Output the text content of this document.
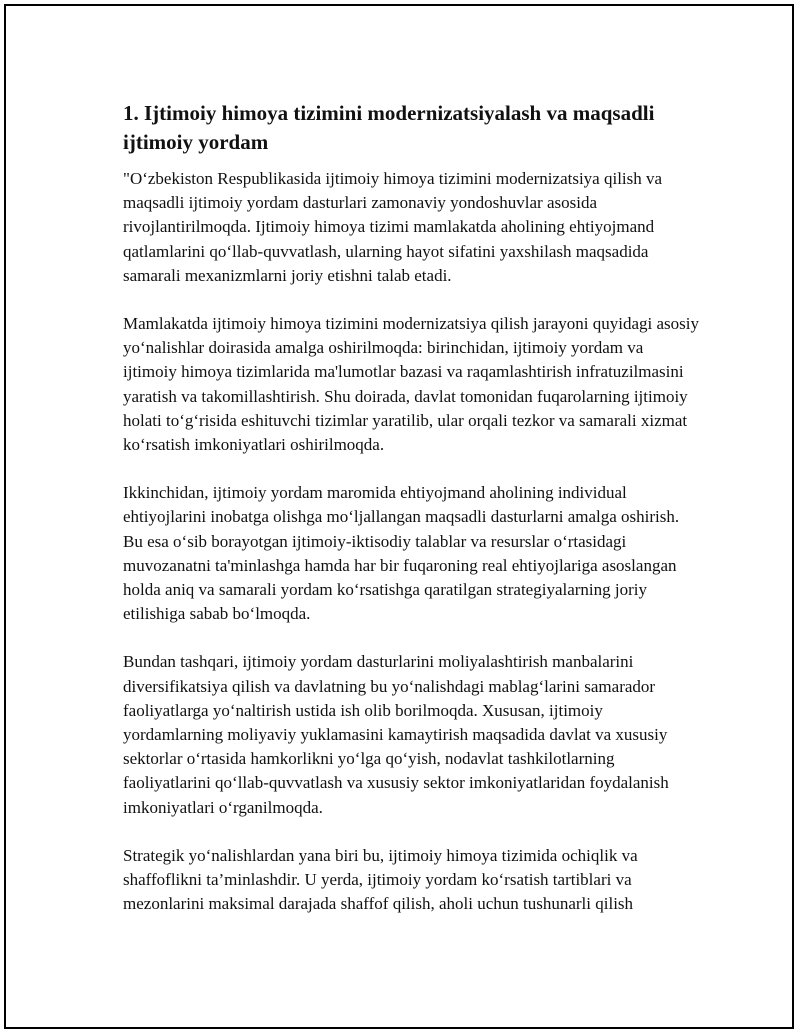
1. Ijtimoiy himoya tizimini modernizatsiyalash va maqsadli ijtimoiy yordam

"O‘zbekiston Respublikasida ijtimoiy himoya tizimini modernizatsiya qilish va maqsadli ijtimoiy yordam dasturlari zamonaviy yondoshuvlar asosida rivojlantirilmoqda. Ijtimoiy himoya tizimi mamlakatda aholining ehtiyojmand qatlamlarini qo‘llab-quvvatlash, ularning hayot sifatini yaxshilash maqsadida samarali mexanizmlarni joriy etishni talab etadi.

Mamlakatda ijtimoiy himoya tizimini modernizatsiya qilish jarayoni quyidagi asosiy yo‘nalishlar doirasida amalga oshirilmoqda: birinchidan, ijtimoiy yordam va ijtimoiy himoya tizimlarida ma'lumotlar bazasi va raqamlashtirish infratuzilmasini yaratish va takomillashtirish. Shu doirada, davlat tomonidan fuqarolarning ijtimoiy holati to‘g‘risida eshituvchi tizimlar yaratilib, ular orqali tezkor va samarali xizmat ko‘rsatish imkoniyatlari oshirilmoqda.

Ikkinchidan, ijtimoiy yordam maromida ehtiyojmand aholining individual ehtiyojlarini inobatga olishga mo‘ljallangan maqsadli dasturlarni amalga oshirish. Bu esa o‘sib borayotgan ijtimoiy-iktisodiy talablar va resurslar o‘rtasidagi muvozanatni ta'minlashga hamda har bir fuqaroning real ehtiyojlariga asoslangan holda aniq va samarali yordam ko‘rsatishga qaratilgan strategiyalarning joriy etilishiga sabab bo‘lmoqda.

Bundan tashqari, ijtimoiy yordam dasturlarini moliyalashtirish manbalarini diversifikatsiya qilish va davlatning bu yo‘nalishdagi mablag‘larini samarador faoliyatlarga yo‘naltirish ustida ish olib borilmoqda. Xususan, ijtimoiy yordamlarning moliyaviy yuklamasini kamaytirish maqsadida davlat va xususiy sektorlar o‘rtasida hamkorlikni yo‘lga qo‘yish, nodavlat tashkilotlarning faoliyatlarini qo‘llab-quvvatlash va xususiy sektor imkoniyatlaridan foydalanish imkoniyatlari o‘rganilmoqda.

Strategik yo‘nalishlardan yana biri bu, ijtimoiy himoya tizimida ochiqlik va shaffoflikni ta’minlashdir. U yerda, ijtimoiy yordam ko‘rsatish tartiblari va mezonlarini maksimal darajada shaffof qilish, aholi uchun tushunarli qilish
